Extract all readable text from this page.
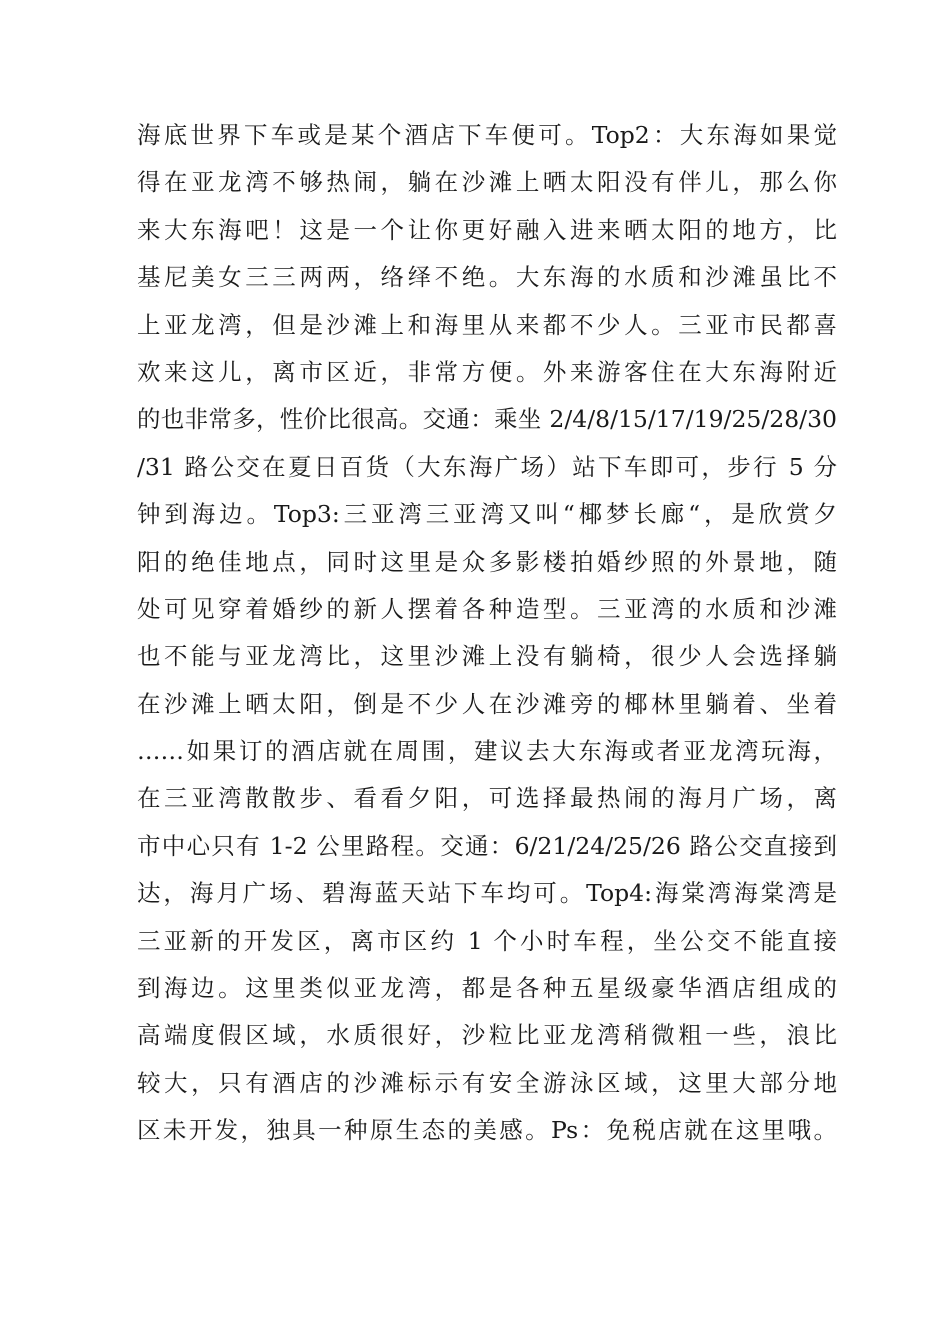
海底世界下车或是某个酒店下车便可。Top2：大东海如果觉
得在亚龙湾不够热闹，躺在沙滩上晒太阳没有伴儿，那么你
来大东海吧！这是一个让你更好融入进来晒太阳的地方，比
基尼美女三三两两，络绎不绝。大东海的水质和沙滩虽比不
上亚龙湾，但是沙滩上和海里从来都不少人。三亚市民都喜
欢来这儿，离市区近，非常方便。外来游客住在大东海附近
的也非常多，性价比很高。交通：乘坐 2/4/8/15/17/19/25/28/30
/31 路公交在夏日百货（大东海广场）站下车即可，步行 5 分
钟到海边。Top3:三亚湾三亚湾又叫“椰梦长廊“，是欣赏夕
阳的绝佳地点，同时这里是众多影楼拍婚纱照的外景地，随
处可见穿着婚纱的新人摆着各种造型。三亚湾的水质和沙滩
也不能与亚龙湾比，这里沙滩上没有躺椅，很少人会选择躺
在沙滩上晒太阳，倒是不少人在沙滩旁的椰林里躺着、坐着
……如果订的酒店就在周围，建议去大东海或者亚龙湾玩海，
在三亚湾散散步、看看夕阳，可选择最热闹的海月广场，离
市中心只有 1-2 公里路程。交通：6/21/24/25/26 路公交直接到
达，海月广场、碧海蓝天站下车均可。Top4:海棠湾海棠湾是
三亚新的开发区，离市区约 1 个小时车程，坐公交不能直接
到海边。这里类似亚龙湾，都是各种五星级豪华酒店组成的
高端度假区域，水质很好，沙粒比亚龙湾稍微粗一些，浪比
较大，只有酒店的沙滩标示有安全游泳区域，这里大部分地
区未开发，独具一种原生态的美感。Ps：免税店就在这里哦。
